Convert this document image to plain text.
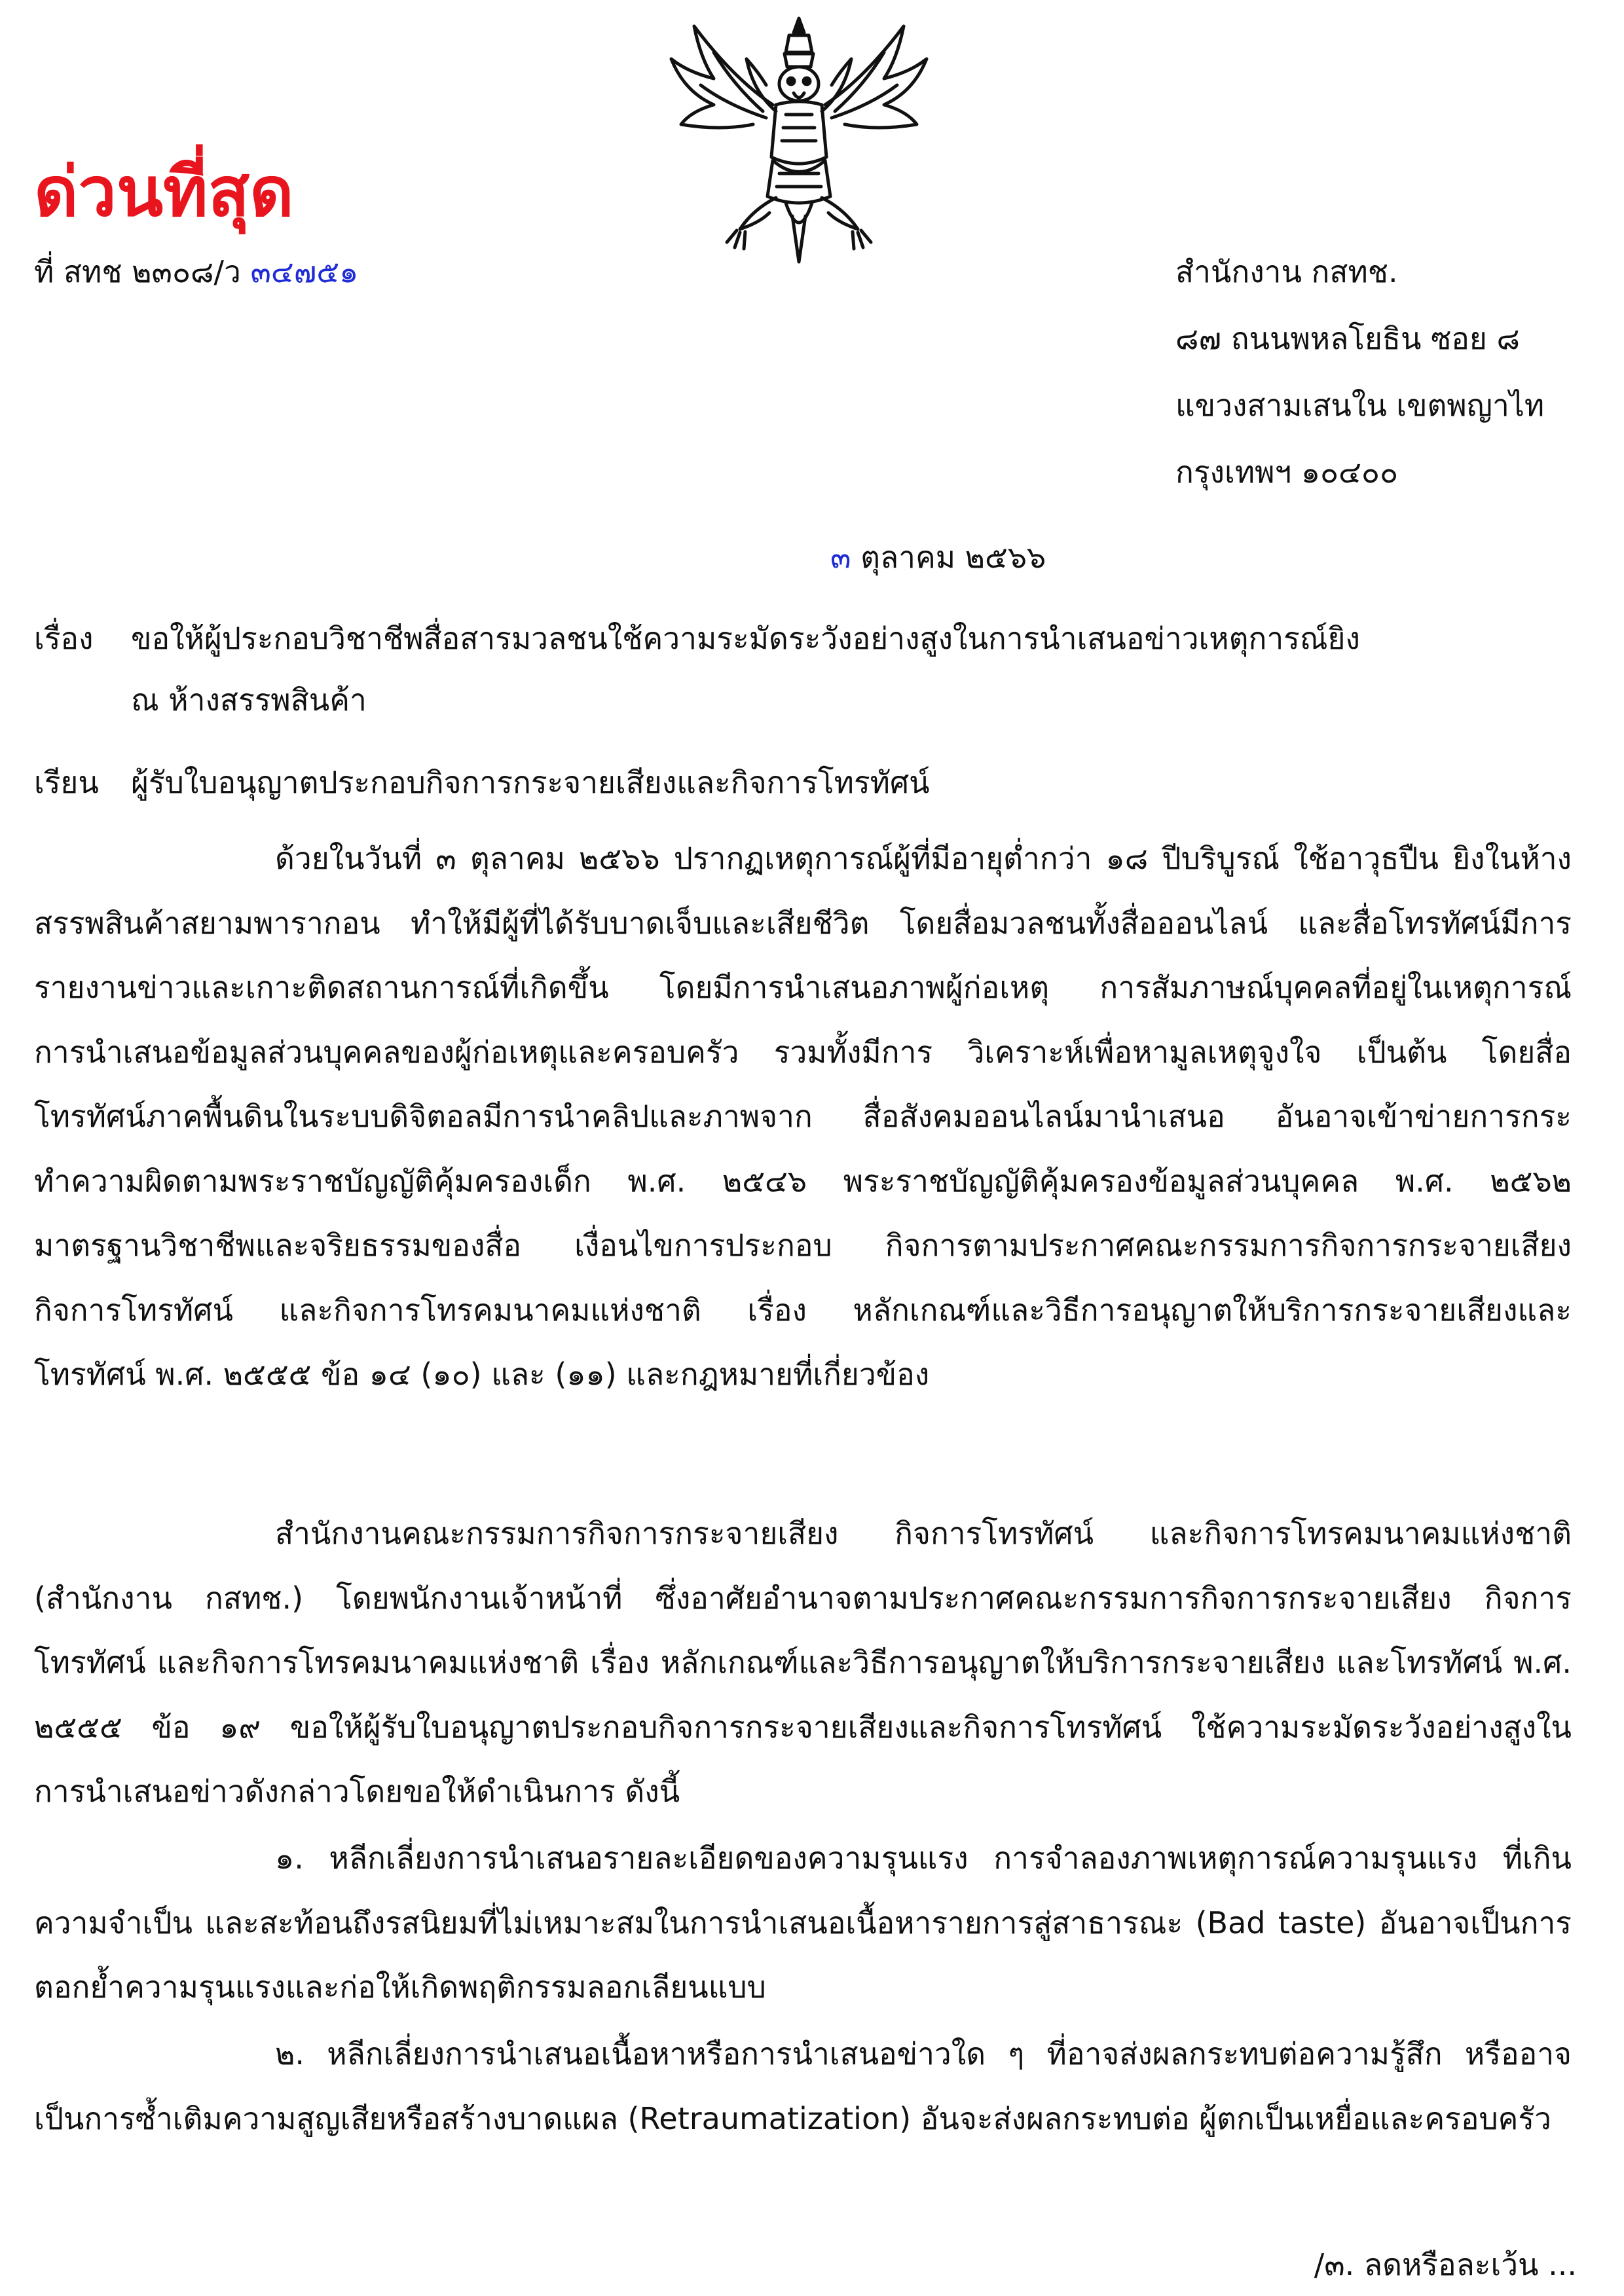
ด่วนที่สุด
ที่ สทช ๒๓๐๘/ว ๓๔๗๕๑	สำนักงาน กสทช.
๘๗ ถนนพหลโยธิน ซอย ๘
แขวงสามเสนใน เขตพญาไท
กรุงเทพฯ ๑๐๔๐๐
๓ ตุลาคม ๒๕๖๖
เรื่อง ขอให้ผู้ประกอบวิชาชีพสื่อสารมวลชนใช้ความระมัดระวังอย่างสูงในการนำเสนอข่าวเหตุการณ์ยิง
ณ ห้างสรรพสินค้า
เรียน ผู้รับใบอนุญาตประกอบกิจการกระจายเสียงและกิจการโทรทัศน์
ด้วยในวันที่ ๓ ตุลาคม ๒๕๖๖ ปรากฏเหตุการณ์ผู้ที่มีอายุต่ำกว่า ๑๘ ปีบริบูรณ์ ใช้อาวุธปืน ยิงในห้างสรรพสินค้าสยามพารากอน ทำให้มีผู้ที่ได้รับบาดเจ็บและเสียชีวิต โดยสื่อมวลชนทั้งสื่อออนไลน์ และสื่อโทรทัศน์มีการรายงานข่าวและเกาะติดสถานการณ์ที่เกิดขึ้น โดยมีการนำเสนอภาพผู้ก่อเหตุ การสัมภาษณ์บุคคลที่อยู่ในเหตุการณ์ การนำเสนอข้อมูลส่วนบุคคลของผู้ก่อเหตุและครอบครัว รวมทั้งมีการ วิเคราะห์เพื่อหามูลเหตุจูงใจ เป็นต้น โดยสื่อโทรทัศน์ภาคพื้นดินในระบบดิจิตอลมีการนำคลิปและภาพจาก สื่อสังคมออนไลน์มานำเสนอ อันอาจเข้าข่ายการกระทำความผิดตามพระราชบัญญัติคุ้มครองเด็ก พ.ศ. ๒๕๔๖ พระราชบัญญัติคุ้มครองข้อมูลส่วนบุคคล พ.ศ. ๒๕๖๒ มาตรฐานวิชาชีพและจริยธรรมของสื่อ เงื่อนไขการประกอบ กิจการตามประกาศคณะกรรมการกิจการกระจายเสียง กิจการโทรทัศน์ และกิจการโทรคมนาคมแห่งชาติ เรื่อง หลักเกณฑ์และวิธีการอนุญาตให้บริการกระจายเสียงและโทรทัศน์ พ.ศ. ๒๕๕๕ ข้อ ๑๔ (๑๐) และ (๑๑) และกฎหมายที่เกี่ยวข้อง
สำนักงานคณะกรรมการกิจการกระจายเสียง กิจการโทรทัศน์ และกิจการโทรคมนาคมแห่งชาติ (สำนักงาน กสทช.) โดยพนักงานเจ้าหน้าที่ ซึ่งอาศัยอำนาจตามประกาศคณะกรรมการกิจการกระจายเสียง กิจการโทรทัศน์ และกิจการโทรคมนาคมแห่งชาติ เรื่อง หลักเกณฑ์และวิธีการอนุญาตให้บริการกระจายเสียง และโทรทัศน์ พ.ศ. ๒๕๕๕ ข้อ ๑๙ ขอให้ผู้รับใบอนุญาตประกอบกิจการกระจายเสียงและกิจการโทรทัศน์ ใช้ความระมัดระวังอย่างสูงในการนำเสนอข่าวดังกล่าวโดยขอให้ดำเนินการ ดังนี้
๑. หลีกเลี่ยงการนำเสนอรายละเอียดของความรุนแรง การจำลองภาพเหตุการณ์ความรุนแรง ที่เกินความจำเป็น และสะท้อนถึงรสนิยมที่ไม่เหมาะสมในการนำเสนอเนื้อหารายการสู่สาธารณะ (Bad taste) อันอาจเป็นการตอกย้ำความรุนแรงและก่อให้เกิดพฤติกรรมลอกเลียนแบบ
๒. หลีกเลี่ยงการนำเสนอเนื้อหาหรือการนำเสนอข่าวใด ๆ ที่อาจส่งผลกระทบต่อความรู้สึก หรืออาจเป็นการซ้ำเติมความสูญเสียหรือสร้างบาดแผล (Retraumatization) อันจะส่งผลกระทบต่อ ผู้ตกเป็นเหยื่อและครอบครัว
/๓. ลดหรือละเว้น ...
